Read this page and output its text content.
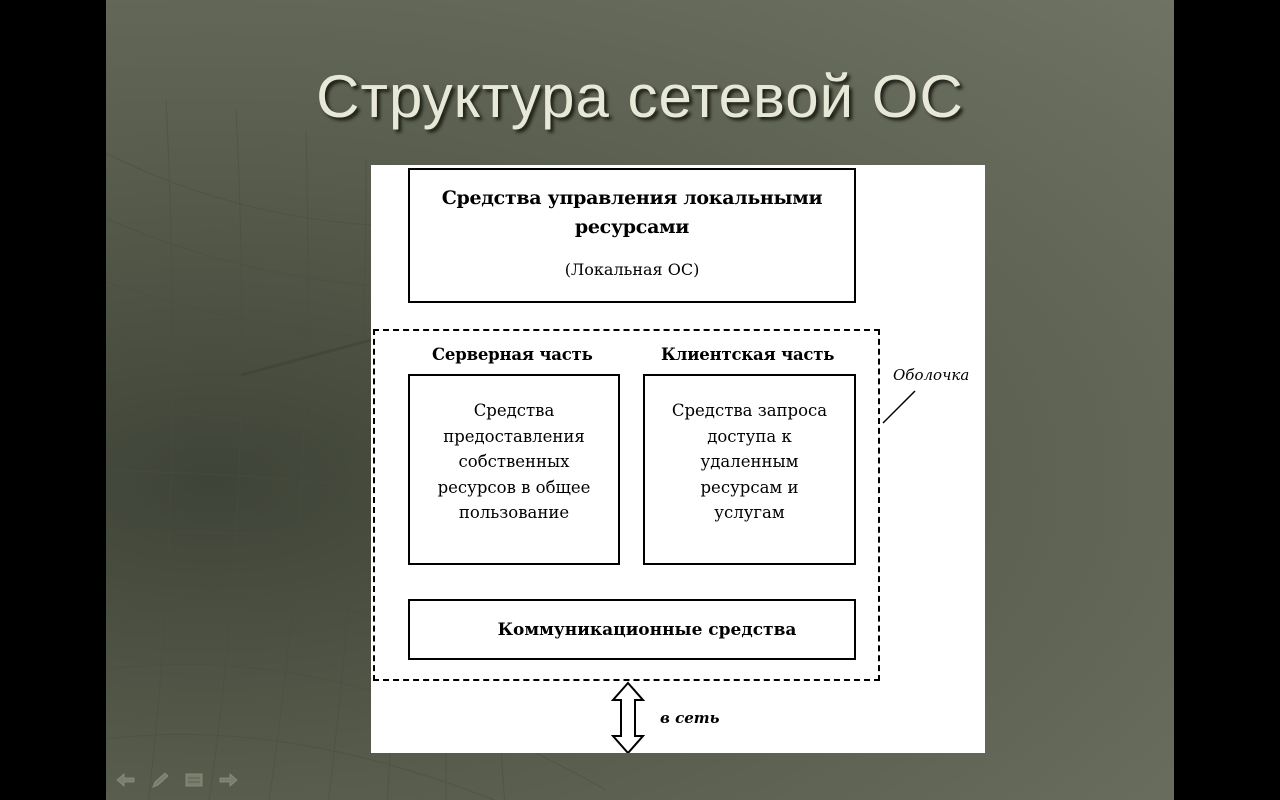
Структура сетевой ОС
Средства управления локальными
ресурсами
(Локальная ОС)
Серверная часть	Клиентская часть
Средства
предоставления
собственных
ресурсов в общее
пользование
Средства запроса
доступа к
удаленным
ресурсам и
услугам
Коммуникационные средства
Оболочка
в сеть
